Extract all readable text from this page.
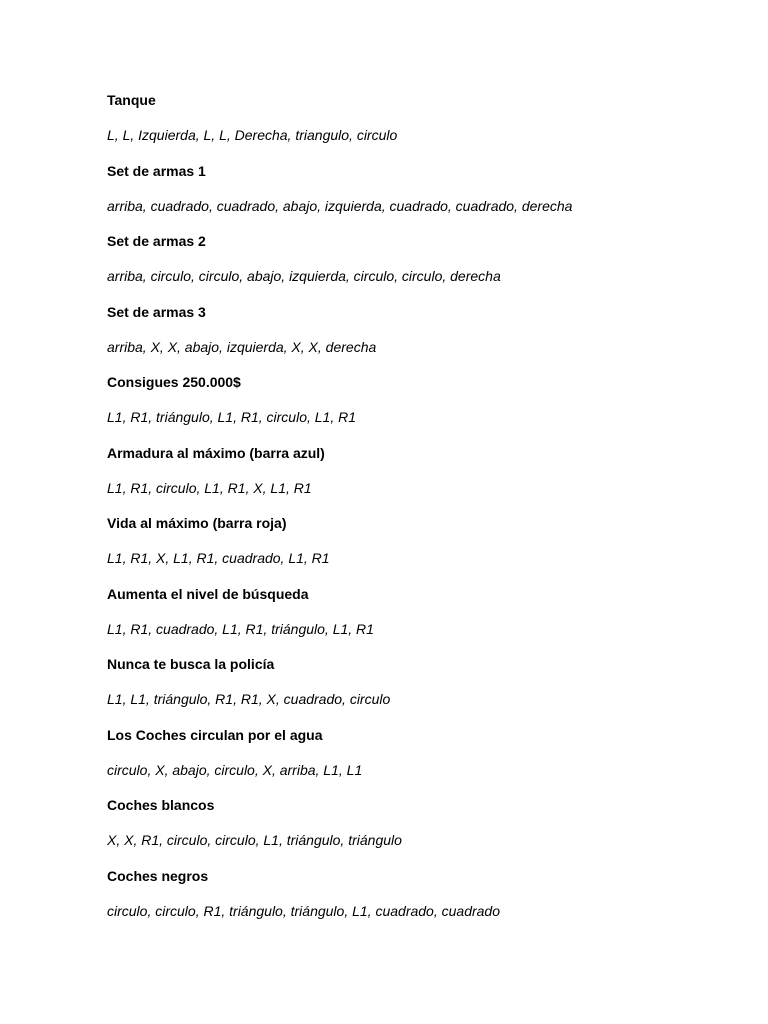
Tanque
L, L, Izquierda, L, L, Derecha, triangulo, circulo
Set de armas 1
arriba, cuadrado, cuadrado, abajo, izquierda, cuadrado, cuadrado, derecha
Set de armas 2
arriba, circulo, circulo, abajo, izquierda, circulo, circulo, derecha
Set de armas 3
arriba, X, X, abajo, izquierda, X, X, derecha
Consigues 250.000$
L1, R1, triángulo, L1, R1, circulo, L1, R1
Armadura al máximo (barra azul)
L1, R1, circulo, L1, R1, X, L1, R1
Vida al máximo (barra roja)
L1, R1, X, L1, R1, cuadrado, L1, R1
Aumenta el nivel de búsqueda
L1, R1, cuadrado, L1, R1, triángulo, L1, R1
Nunca te busca la policía
L1, L1, triángulo, R1, R1, X, cuadrado, circulo
Los Coches circulan por el agua
circulo, X, abajo, circulo, X, arriba, L1, L1
Coches blancos
X, X, R1, circulo, circulo, L1, triángulo, triángulo
Coches negros
circulo, circulo, R1, triángulo, triángulo, L1, cuadrado, cuadrado
